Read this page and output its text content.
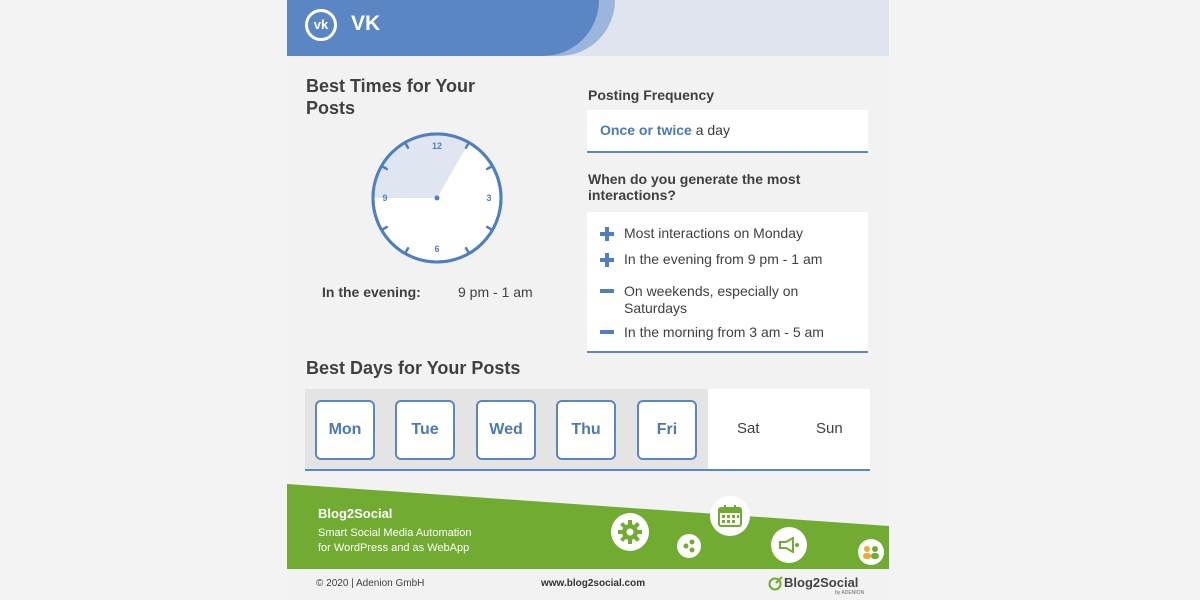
vk	VK
Best Times for Your Posts
12
3
6
9
In the evening:	9 pm - 1 am
Posting Frequency
Once or twice a day
When do you generate the most interactions?
Most interactions on Monday
In the evening from 9 pm - 1 am
On weekends, especially on Saturdays
In the morning from 3 am - 5 am
Best Days for Your Posts
Mon	Tue	Wed	Thu	Fri	Sat	Sun
Blog2Social
Smart Social Media Automation
for WordPress and as WebApp
© 2020 | Adenion GmbH	www.blog2social.com	Blog2Social
by ADENION
